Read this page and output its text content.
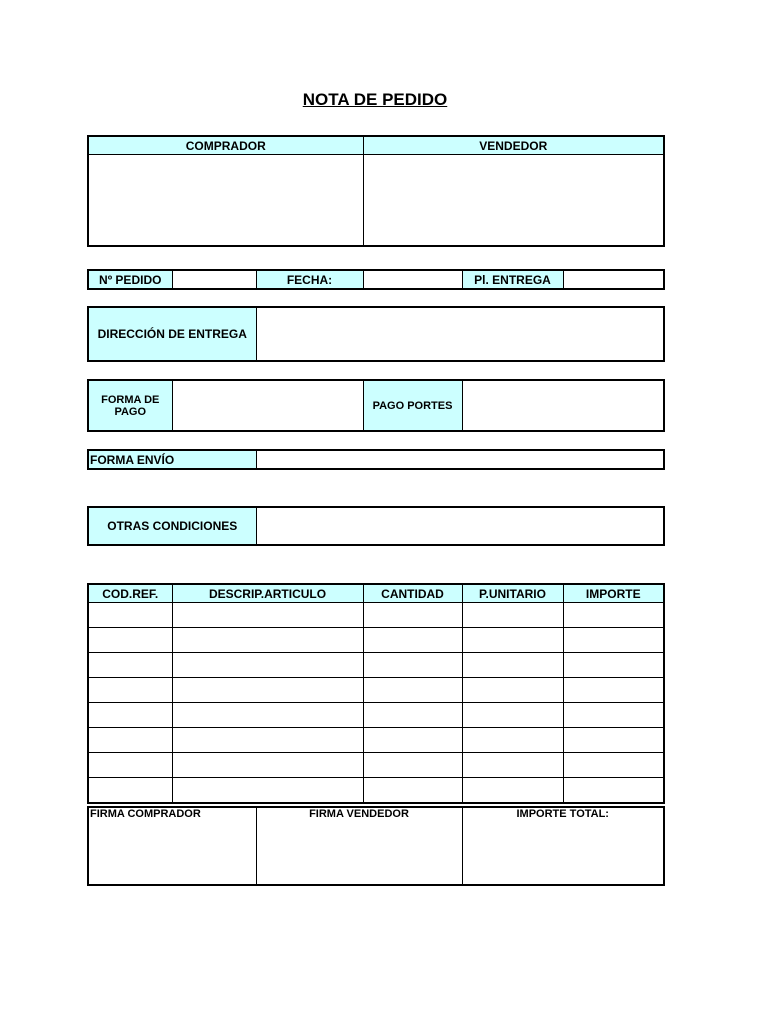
NOTA DE PEDIDO
COMPRADOR	VENDEDOR

Nº PEDIDO		FECHA:		Pl. ENTREGA	
DIRECCIÓN DE ENTREGA	
FORMA DE PAGO		PAGO PORTES	
FORMA ENVÍO	
OTRAS CONDICIONES	
COD.REF.	DESCRIP.ARTICULO	CANTIDAD	P.UNITARIO	IMPORTE

FIRMA COMPRADOR	FIRMA VENDEDOR	IMPORTE TOTAL:
